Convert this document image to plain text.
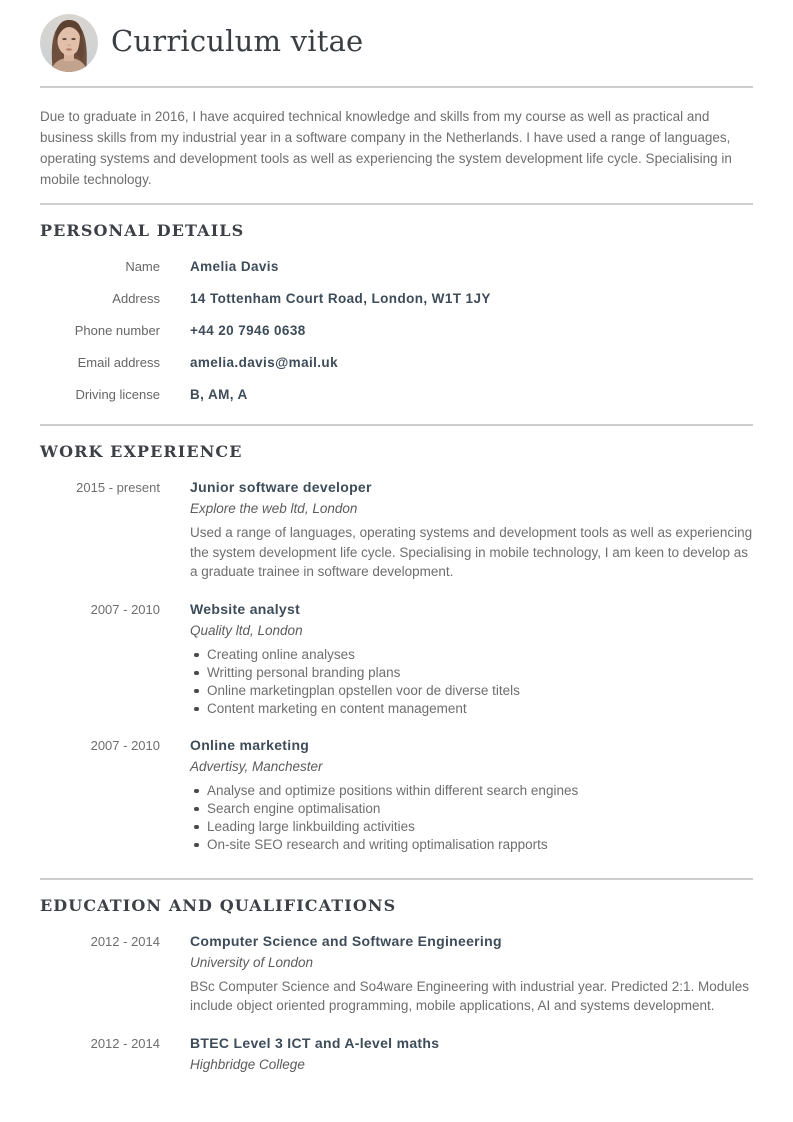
Curriculum vitae

Due to graduate in 2016, I have acquired technical knowledge and skills from my course as well as practical and business skills from my industrial year in a software company in the Netherlands. I have used a range of languages, operating systems and development tools as well as experiencing the system development life cycle. Specialising in mobile technology.

PERSONAL DETAILS
Name Amelia Davis
Address 14 Tottenham Court Road, London, W1T 1JY
Phone number +44 20 7946 0638
Email address amelia.davis@mail.uk
Driving license B, AM, A
WORK EXPERIENCE
2015 - present Junior software developer
Explore the web ltd, London

Used a range of languages, operating systems and development tools as well as experiencing the system development life cycle. Specialising in mobile technology, I am keen to develop as a graduate trainee in software development.

2007 - 2010 Website analyst
Quality ltd, London
Creating online analyses
Writting personal branding plans
Online marketingplan opstellen voor de diverse titels
Content marketing en content management
2007 - 2010 Online marketing
Advertisy, Manchester
Analyse and optimize positions within different search engines
Search engine optimalisation
Leading large linkbuilding activities
On-site SEO research and writing optimalisation rapports
EDUCATION AND QUALIFICATIONS
2012 - 2014 Computer Science and Software Engineering
University of London

BSc Computer Science and So4ware Engineering with industrial year. Predicted 2:1. Modules include object oriented programming, mobile applications, AI and systems development.

2012 - 2014 BTEC Level 3 ICT and A-level maths
Highbridge College
